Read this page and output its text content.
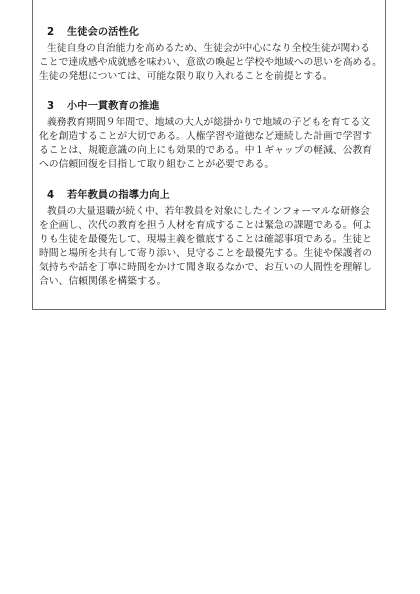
2 生徒会の活性化
生徒自身の自治能力を高めるため、生徒会が中心になり全校生徒が関わる
ことで達成感や成就感を味わい、意欲の喚起と学校や地域への思いを高める。
生徒の発想については、可能な限り取り入れることを前提とする。
3 小中一貫教育の推進
義務教育期間９年間で、地域の大人が総掛かりで地域の子どもを育てる文
化を創造することが大切である。人権学習や道徳など連続した計画で学習す
ることは、規範意識の向上にも効果的である。中１ギャップの軽減、公教育
への信頼回復を目指して取り組むことが必要である。
4 若年教員の指導力向上
教員の大量退職が続く中、若年教員を対象にしたインフォーマルな研修会
を企画し、次代の教育を担う人材を育成することは緊急の課題である。何よ
りも生徒を最優先して、現場主義を徹底することは確認事項である。生徒と
時間と場所を共有して寄り添い、見守ることを最優先する。生徒や保護者の
気持ちや話を丁寧に時間をかけて聞き取るなかで、お互いの人間性を理解し
合い、信頼関係を構築する。
